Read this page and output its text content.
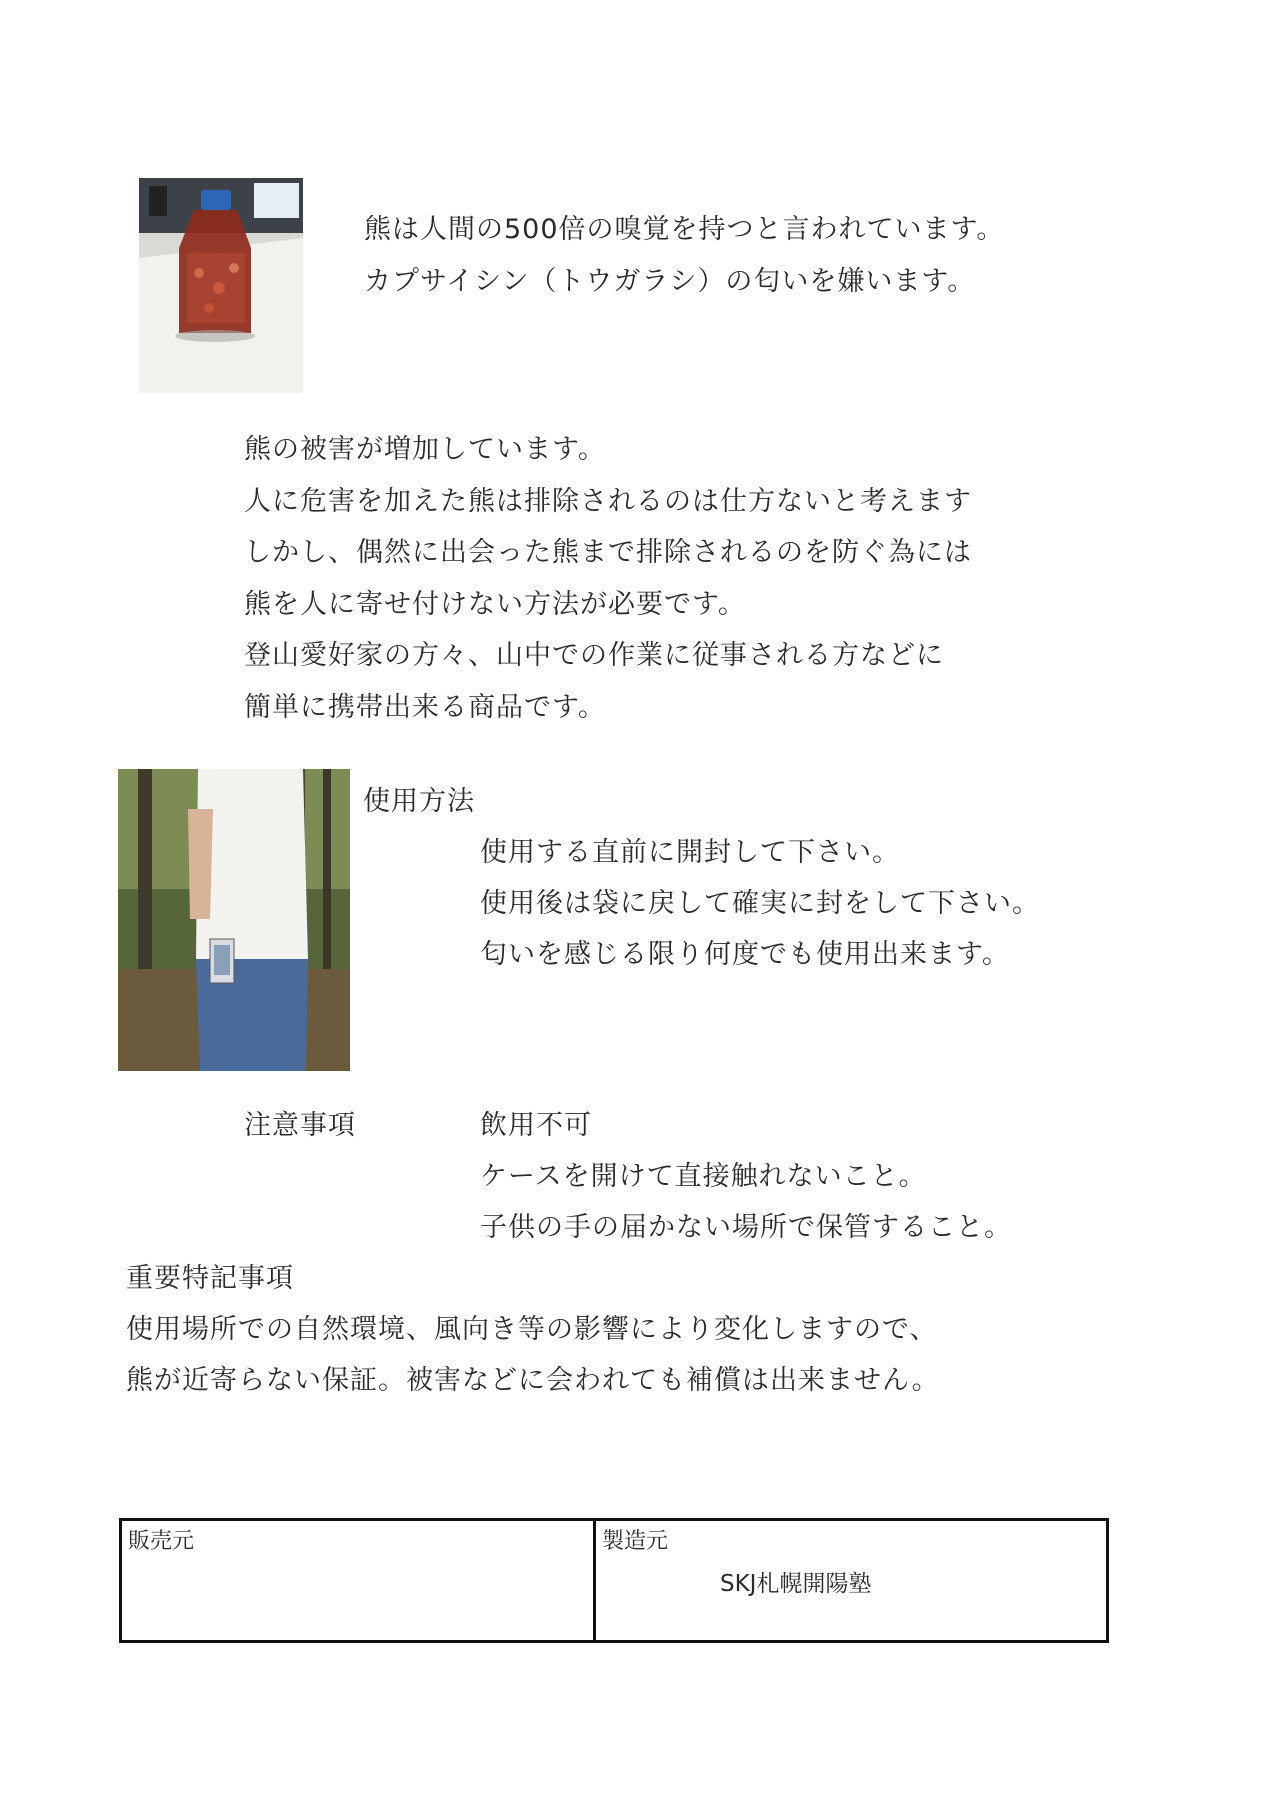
熊は人間の500倍の嗅覚を持つと言われています。
カプサイシン（トウガラシ）の匂いを嫌います。
熊の被害が増加しています。
人に危害を加えた熊は排除されるのは仕方ないと考えます
しかし、偶然に出会った熊まで排除されるのを防ぐ為には
熊を人に寄せ付けない方法が必要です。
登山愛好家の方々、山中での作業に従事される方などに
簡単に携帯出来る商品です。
使用方法
使用する直前に開封して下さい。
使用後は袋に戻して確実に封をして下さい。
匂いを感じる限り何度でも使用出来ます。
注意事項	飲用不可
ケースを開けて直接触れないこと。
子供の手の届かない場所で保管すること。
重要特記事項
使用場所での自然環境、風向き等の影響により変化しますので、
熊が近寄らない保証。被害などに会われても補償は出来ません。
販売元	製造元
SKJ札幌開陽塾
